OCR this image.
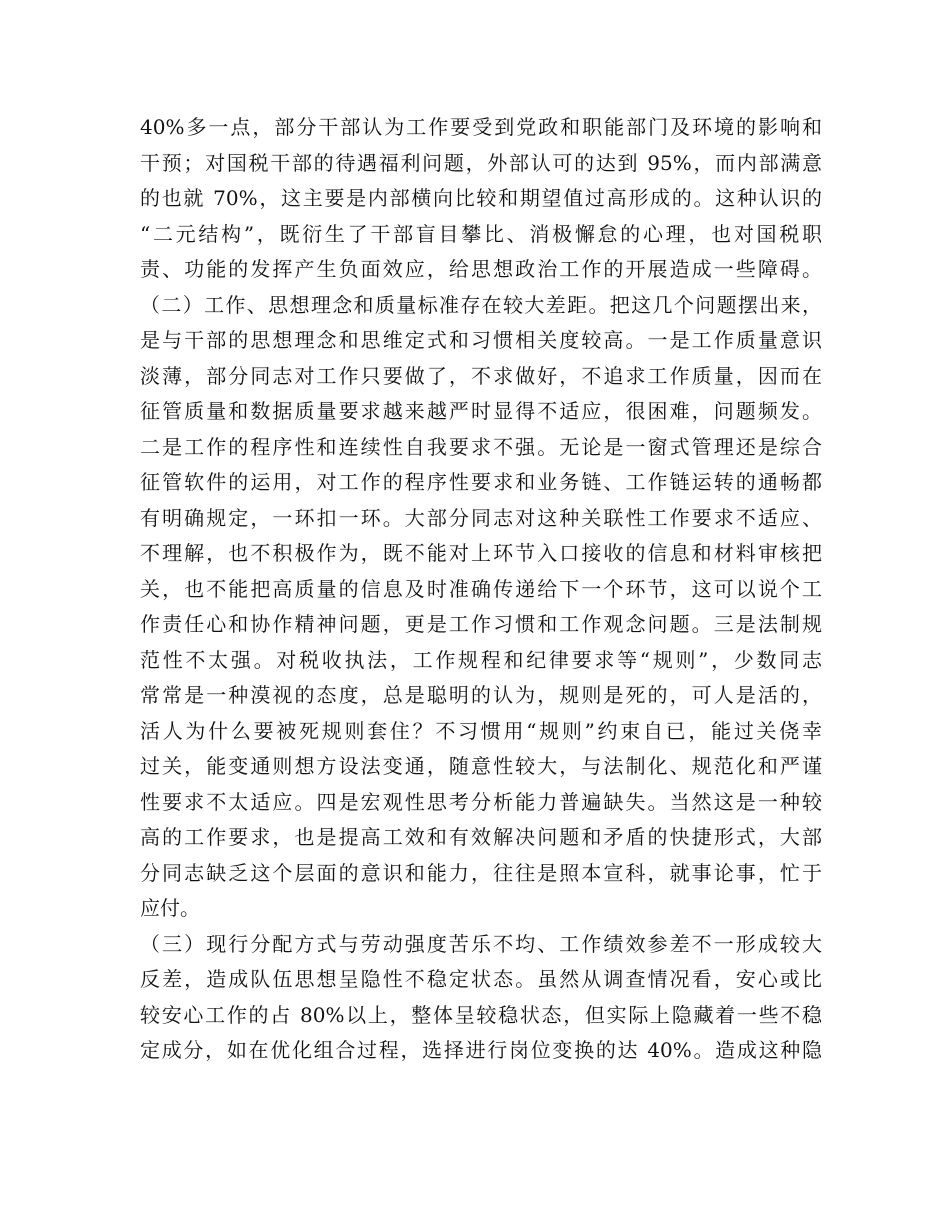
40%多一点，部分干部认为工作要受到党政和职能部门及环境的影响和
干预；对国税干部的待遇福利问题，外部认可的达到 95%，而内部满意
的也就 70%，这主要是内部横向比较和期望值过高形成的。这种认识的
“二元结构”，既衍生了干部盲目攀比、消极懈怠的心理，也对国税职
责、功能的发挥产生负面效应，给思想政治工作的开展造成一些障碍。
（二）工作、思想理念和质量标准存在较大差距。把这几个问题摆出来，
是与干部的思想理念和思维定式和习惯相关度较高。一是工作质量意识
淡薄，部分同志对工作只要做了，不求做好，不追求工作质量，因而在
征管质量和数据质量要求越来越严时显得不适应，很困难，问题频发。
二是工作的程序性和连续性自我要求不强。无论是一窗式管理还是综合
征管软件的运用，对工作的程序性要求和业务链、工作链运转的通畅都
有明确规定，一环扣一环。大部分同志对这种关联性工作要求不适应、
不理解，也不积极作为，既不能对上环节入口接收的信息和材料审核把
关，也不能把高质量的信息及时准确传递给下一个环节，这可以说个工
作责任心和协作精神问题，更是工作习惯和工作观念问题。三是法制规
范性不太强。对税收执法，工作规程和纪律要求等“规则”，少数同志
常常是一种漠视的态度，总是聪明的认为，规则是死的，可人是活的，
活人为什么要被死规则套住？不习惯用“规则”约束自已，能过关侥幸
过关，能变通则想方设法变通，随意性较大，与法制化、规范化和严谨
性要求不太适应。四是宏观性思考分析能力普遍缺失。当然这是一种较
高的工作要求，也是提高工效和有效解决问题和矛盾的快捷形式，大部
分同志缺乏这个层面的意识和能力，往往是照本宣科，就事论事，忙于
应付。
（三）现行分配方式与劳动强度苦乐不均、工作绩效参差不一形成较大
反差，造成队伍思想呈隐性不稳定状态。虽然从调查情况看，安心或比
较安心工作的占 80%以上，整体呈较稳状态，但实际上隐藏着一些不稳
定成分，如在优化组合过程，选择进行岗位变换的达 40%。造成这种隐
